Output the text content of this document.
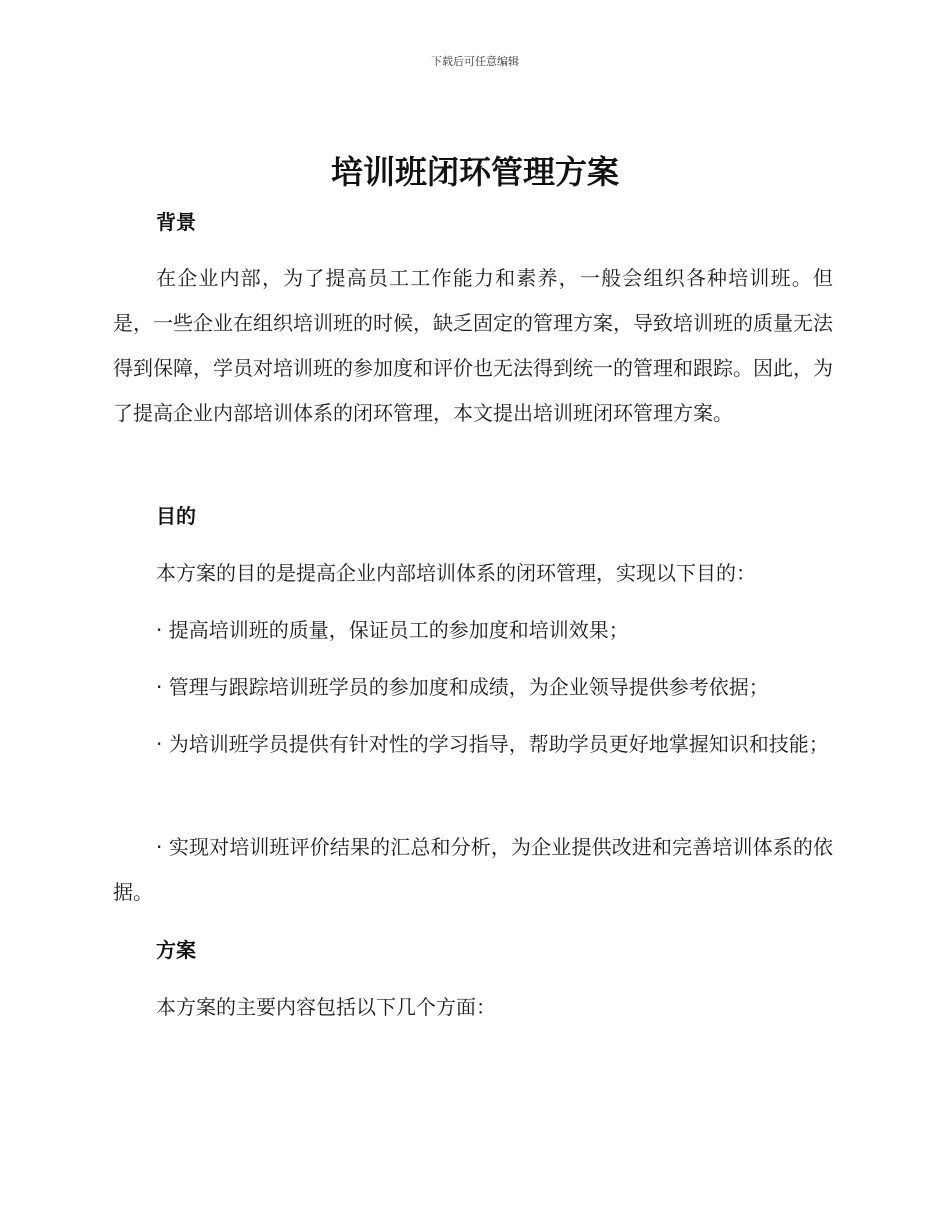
下载后可任意编辑
培训班闭环管理方案
背景

在企业内部，为了提高员工工作能力和素养，一般会组织各种培训班。但是，一些企业在组织培训班的时候，缺乏固定的管理方案，导致培训班的质量无法得到保障，学员对培训班的参加度和评价也无法得到统一的管理和跟踪。因此，为了提高企业内部培训体系的闭环管理，本文提出培训班闭环管理方案。

目的

本方案的目的是提高企业内部培训体系的闭环管理，实现以下目的：

· 提高培训班的质量，保证员工的参加度和培训效果；

· 管理与跟踪培训班学员的参加度和成绩，为企业领导提供参考依据；

· 为培训班学员提供有针对性的学习指导，帮助学员更好地掌握知识和技能；

· 实现对培训班评价结果的汇总和分析，为企业提供改进和完善培训体系的依据。

方案

本方案的主要内容包括以下几个方面：
